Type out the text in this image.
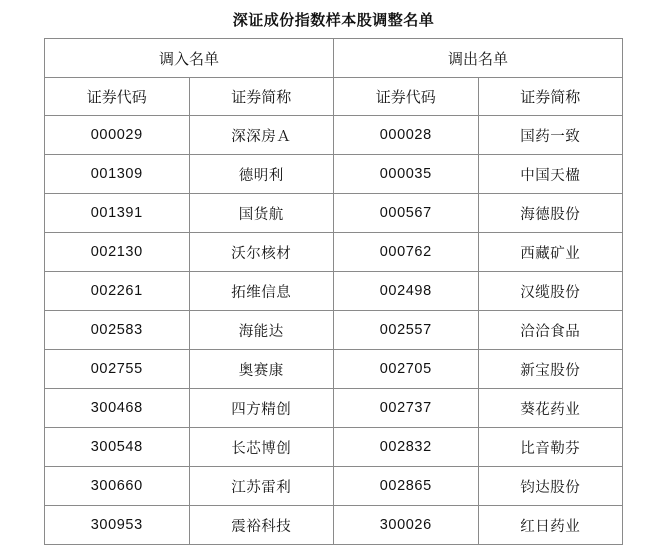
深证成份指数样本股调整名单
调入名单		调出名单	
证券代码	证券简称	证券代码	证券简称
000029	深深房Ａ	000028	国药一致
001309	德明利	000035	中国天楹
001391	国货航	000567	海德股份
002130	沃尔核材	000762	西藏矿业
002261	拓维信息	002498	汉缆股份
002583	海能达	002557	洽洽食品
002755	奥赛康	002705	新宝股份
300468	四方精创	002737	葵花药业
300548	长芯博创	002832	比音勒芬
300660	江苏雷利	002865	钧达股份
300953	震裕科技	300026	红日药业
